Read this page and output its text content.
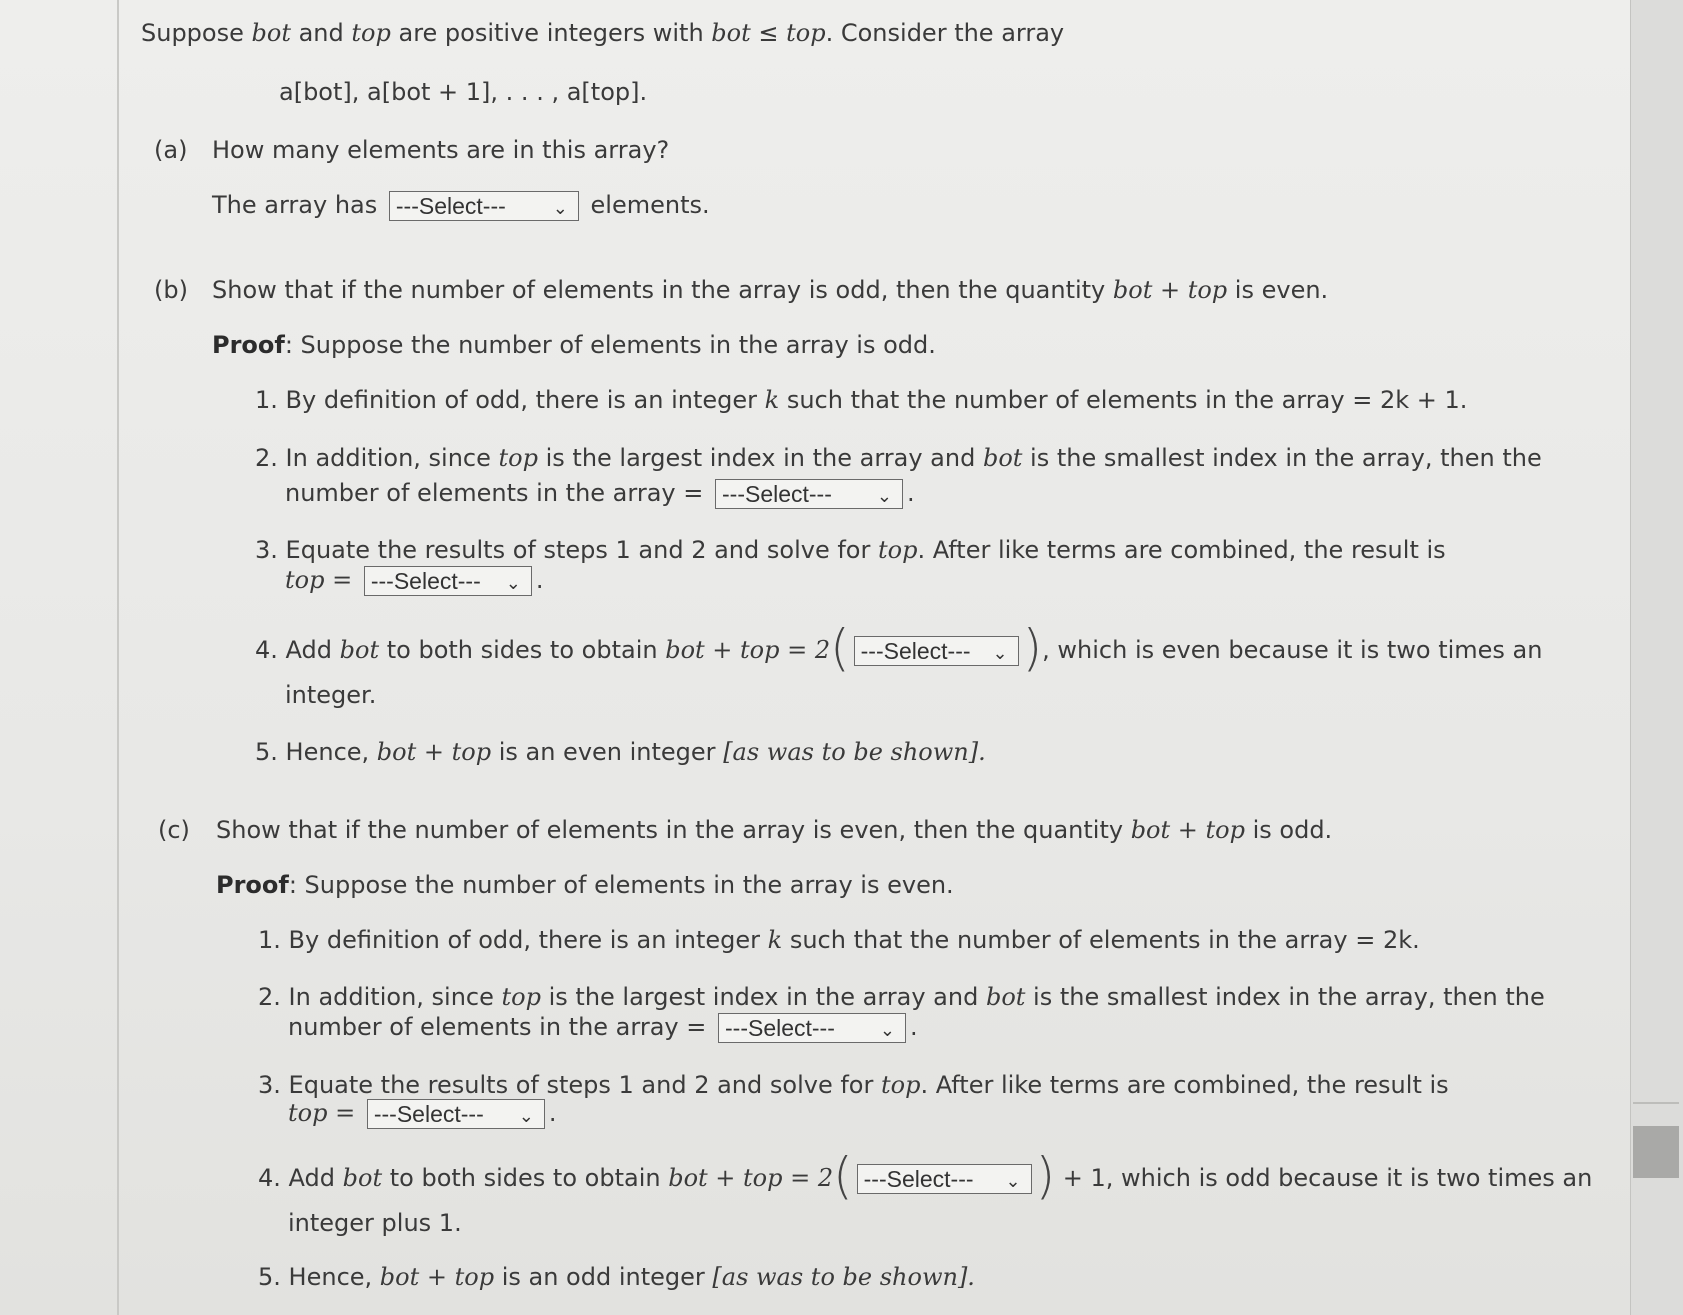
Suppose bot and top are positive integers with bot ≤ top. Consider the array
a[bot], a[bot + 1], . . . , a[top].
(a) How many elements are in this array?
The array has ---Select---	⌄ elements.
(b) Show that if the number of elements in the array is odd, then the quantity bot + top is even.
Proof: Suppose the number of elements in the array is odd.
1. By definition of odd, there is an integer k such that the number of elements in the array = 2k + 1.
2. In addition, since top is the largest index in the array and bot is the smallest index in the array, then the
number of elements in the array = ---Select---	⌄ .
3. Equate the results of steps 1 and 2 and solve for top. After like terms are combined, the result is
top = ---Select--- ⌄ .
4. Add bot to both sides to obtain bot + top = 2( ---Select--- ⌄ ), which is even because it is two times an
integer.
5. Hence, bot + top is an even integer [as was to be shown].
(c) Show that if the number of elements in the array is even, then the quantity bot + top is odd.
Proof: Suppose the number of elements in the array is even.
1. By definition of odd, there is an integer k such that the number of elements in the array = 2k.
2. In addition, since top is the largest index in the array and bot is the smallest index in the array, then the
number of elements in the array = ---Select---	⌄ .
3. Equate the results of steps 1 and 2 and solve for top. After like terms are combined, the result is
top = ---Select--- ⌄ .
4. Add bot to both sides to obtain bot + top = 2( ---Select--- ⌄ ) + 1, which is odd because it is two times an
integer plus 1.
5. Hence, bot + top is an odd integer [as was to be shown].
